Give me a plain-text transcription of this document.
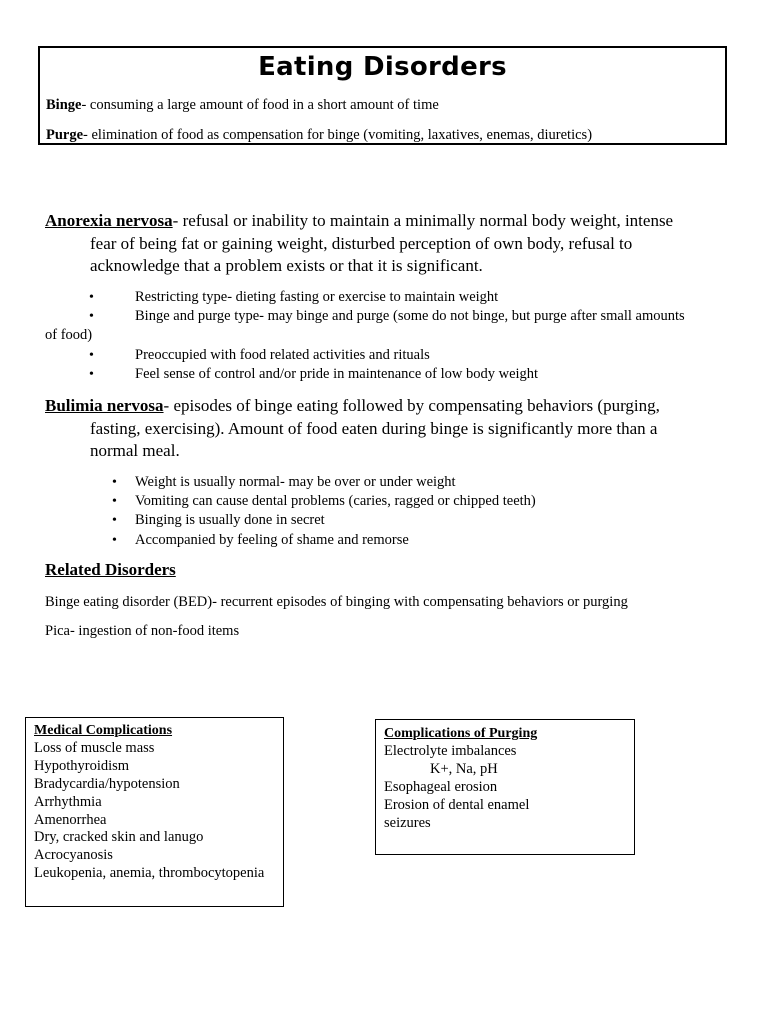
Eating Disorders
Binge- consuming a large amount of food in a short amount of time
Purge- elimination of food as compensation for binge (vomiting, laxatives, enemas, diuretics)
Anorexia nervosa- refusal or inability to maintain a minimally normal body weight, intense
fear of being fat or gaining weight, disturbed perception of own body, refusal to
acknowledge that a problem exists or that it is significant.
•	Restricting type- dieting fasting or exercise to maintain weight
•	Binge and purge type- may binge and purge (some do not binge, but purge after small amounts
of food)
•	Preoccupied with food related activities and rituals
•	Feel sense of control and/or pride in maintenance of low body weight
Bulimia nervosa- episodes of binge eating followed by compensating behaviors (purging,
fasting, exercising). Amount of food eaten during binge is significantly more than a
normal meal.
• Weight is usually normal- may be over or under weight
• Vomiting can cause dental problems (caries, ragged or chipped teeth)
• Binging is usually done in secret
• Accompanied by feeling of shame and remorse
Related Disorders
Binge eating disorder (BED)- recurrent episodes of binging with compensating behaviors or purging
Pica- ingestion of non-food items
Medical Complications
Loss of muscle mass
Hypothyroidism
Bradycardia/hypotension
Arrhythmia
Amenorrhea
Dry, cracked skin and lanugo
Acrocyanosis
Leukopenia, anemia, thrombocytopenia
Complications of Purging
Electrolyte imbalances
K+, Na, pH
Esophageal erosion
Erosion of dental enamel
seizures
